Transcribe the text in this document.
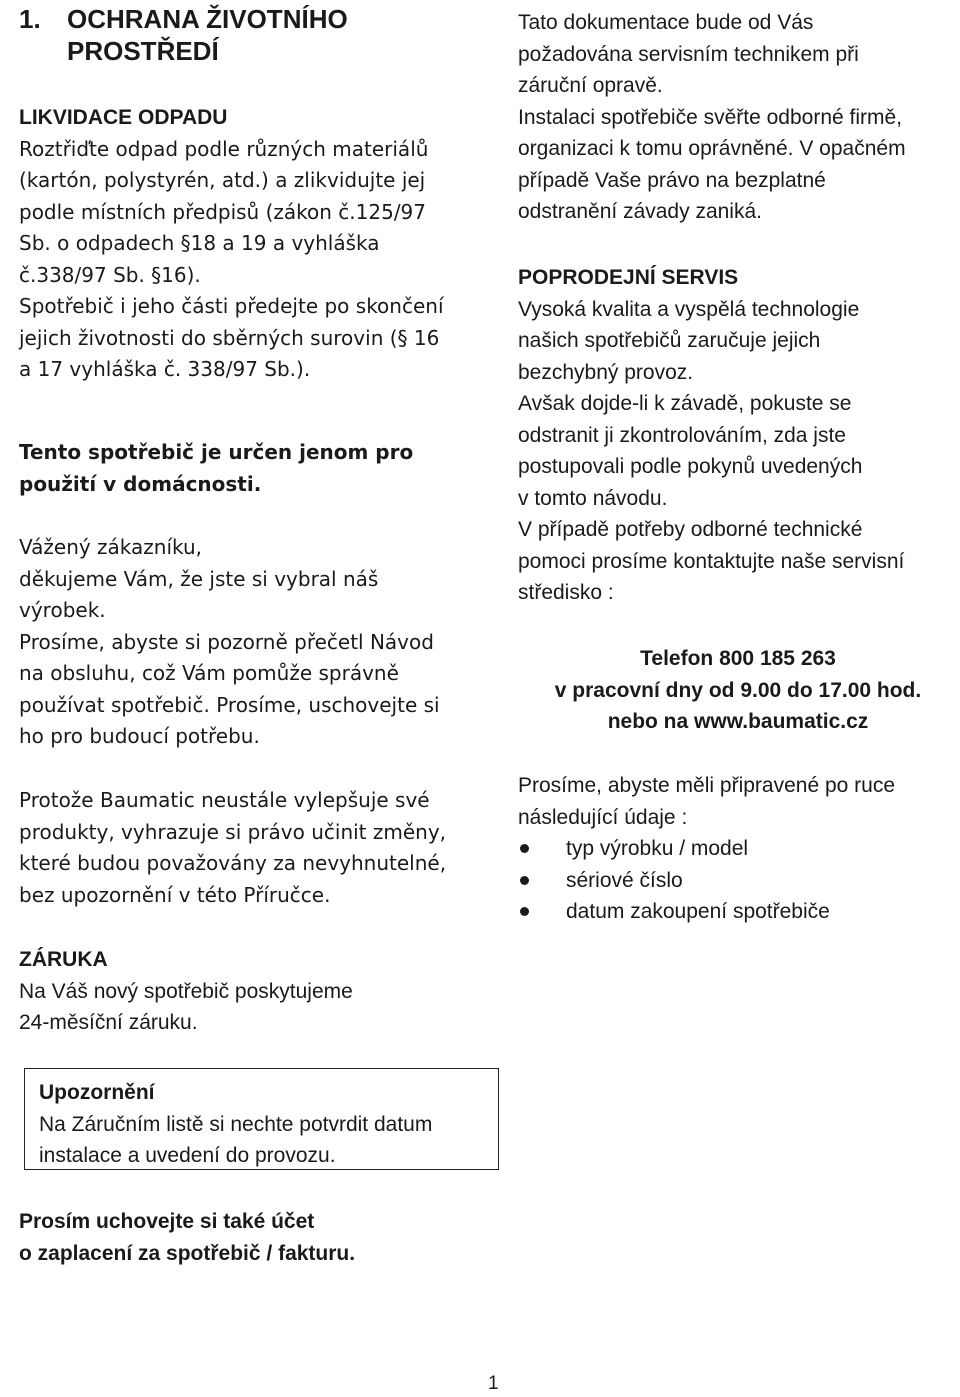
1.	OCHRANA ŽIVOTNÍHO
PROSTŘEDÍ

LIKVIDACE ODPADU

Roztřiďte odpad podle různých materiálů
(kartón, polystyrén, atd.) a zlikvidujte jej
podle místních předpisů (zákon č.125/97
Sb. o odpadech §18 a 19 a vyhláška
č.338/97 Sb. §16).
Spotřebič i jeho části předejte po skončení
jejich životnosti do sběrných surovin (§ 16
a 17 vyhláška č. 338/97 Sb.).

Tento spotřebič je určen jenom pro
použití v domácnosti.

Vážený zákazníku,
děkujeme Vám, že jste si vybral náš
výrobek.
Prosíme, abyste si pozorně přečetl Návod
na obsluhu, což Vám pomůže správně
používat spotřebič. Prosíme, uschovejte si
ho pro budoucí potřebu.

Protože Baumatic neustále vylepšuje své
produkty, vyhrazuje si právo učinit změny,
které budou považovány za nevyhnutelné,
bez upozornění v této Příručce.

ZÁRUKA

Na Váš nový spotřebič poskytujeme
24-měsíční záruku.

Upozornění

Na Záručním listě si nechte potvrdit datum
instalace a uvedení do provozu.

Prosím uchovejte si také účet
o zaplacení za spotřebič / fakturu.

Tato dokumentace bude od Vás
požadována servisním technikem při
záruční opravě.
Instalaci spotřebiče svěřte odborné firmě,
organizaci k tomu oprávněné. V opačném
případě Vaše právo na bezplatné
odstranění závady zaniká.

POPRODEJNÍ SERVIS

Vysoká kvalita a vyspělá technologie
našich spotřebičů zaručuje jejich
bezchybný provoz.
Avšak dojde-li k závadě, pokuste se
odstranit ji zkontrolováním, zda jste
postupovali podle pokynů uvedených
v tomto návodu.
V případě potřeby odborné technické
pomoci prosíme kontaktujte naše servisní
středisko :

Telefon 800 185 263

v pracovní dny od 9.00 do 17.00 hod.

nebo na www.baumatic.cz

Prosíme, abyste měli připravené po ruce
následující údaje :

typ výrobku / model
sériové číslo
datum zakoupení spotřebiče
1
